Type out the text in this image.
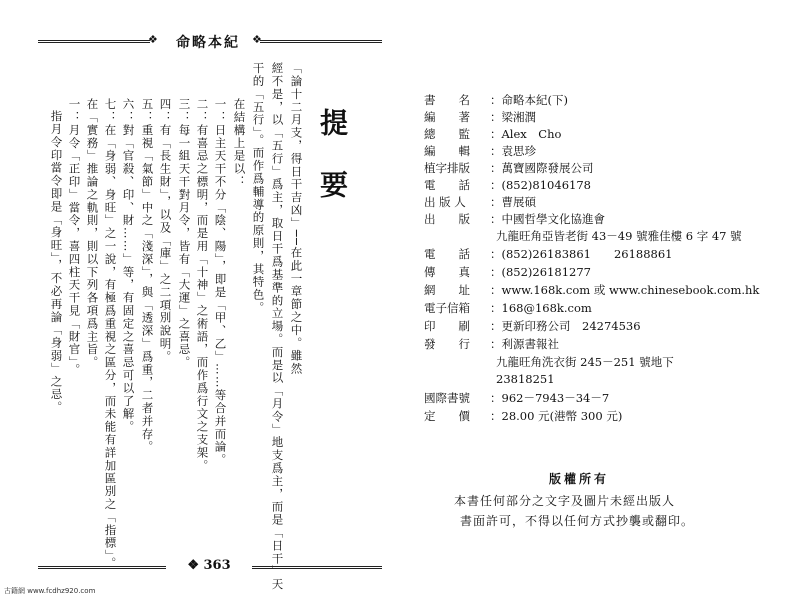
❖	命略本紀	❖
提要
「論十二月支，得日干吉凶」──在此一章節之中。雖然
經不是，以「五行」爲主，取日干爲基準的立場。而是以「月令」地支爲主，而是「日干」天
干的「五行」。而作爲輔導的原則，其特色。
在結構上是以：
一：日主天干不分「陰、陽」，即是「甲、乙」……等合并而論。
二：有喜忌之標明，而是用「十神」之術語，而作爲行文之支架。
三：每一組天干對月令，皆有「大運」之喜忌。
四：有「長生財」，以及「庫」之二項別說明。
五：重視「氣節」中之「淺深」，與「透深」爲重，二者并存。
六：對「官殺、印、財……」等，有固定之喜忌可以了解。
七：在「身弱、身旺」之一說，有極爲重視之區分，而未能有詳加區別之「指標」。
在「實務」推論之軌則，則以下列各項爲主旨。
一：月令「正印」當令，喜四柱天干見「財官」。
指月令印當令即是「身旺」，不必再論「身弱」之忌。
❖ 363
書　　名	：命略本紀(下)
編　　著	：梁湘潤
總　　監	：Alex　Cho
編　　輯	：袁思珍
植字排版	：萬寶國際發展公司
電　　話	：(852)81046178
出 版 人	：曹展碩
出　　版	：中國哲學文化協進會
九龍旺角亞皆老街 43－49 號雅佳樓 6 字 47 號
電　　話	：(852)26183861　　26188861
傳　　真	：(852)26181277
網　　址	：www.168k.com 或 www.chinesebook.com.hk
電子信箱	：168@168k.com
印　　刷	：更新印務公司　24274536
發　　行	：利源書報社
九龍旺角洗衣街 245－251 號地下
23818251
國際書號	：962－7943－34－7
定　　價	：28.00 元(港幣 300 元)
版權所有
本書任何部分之文字及圖片未經出版人
書面許可，不得以任何方式抄襲或翻印。
古籍網 www.fcdhz920.com
